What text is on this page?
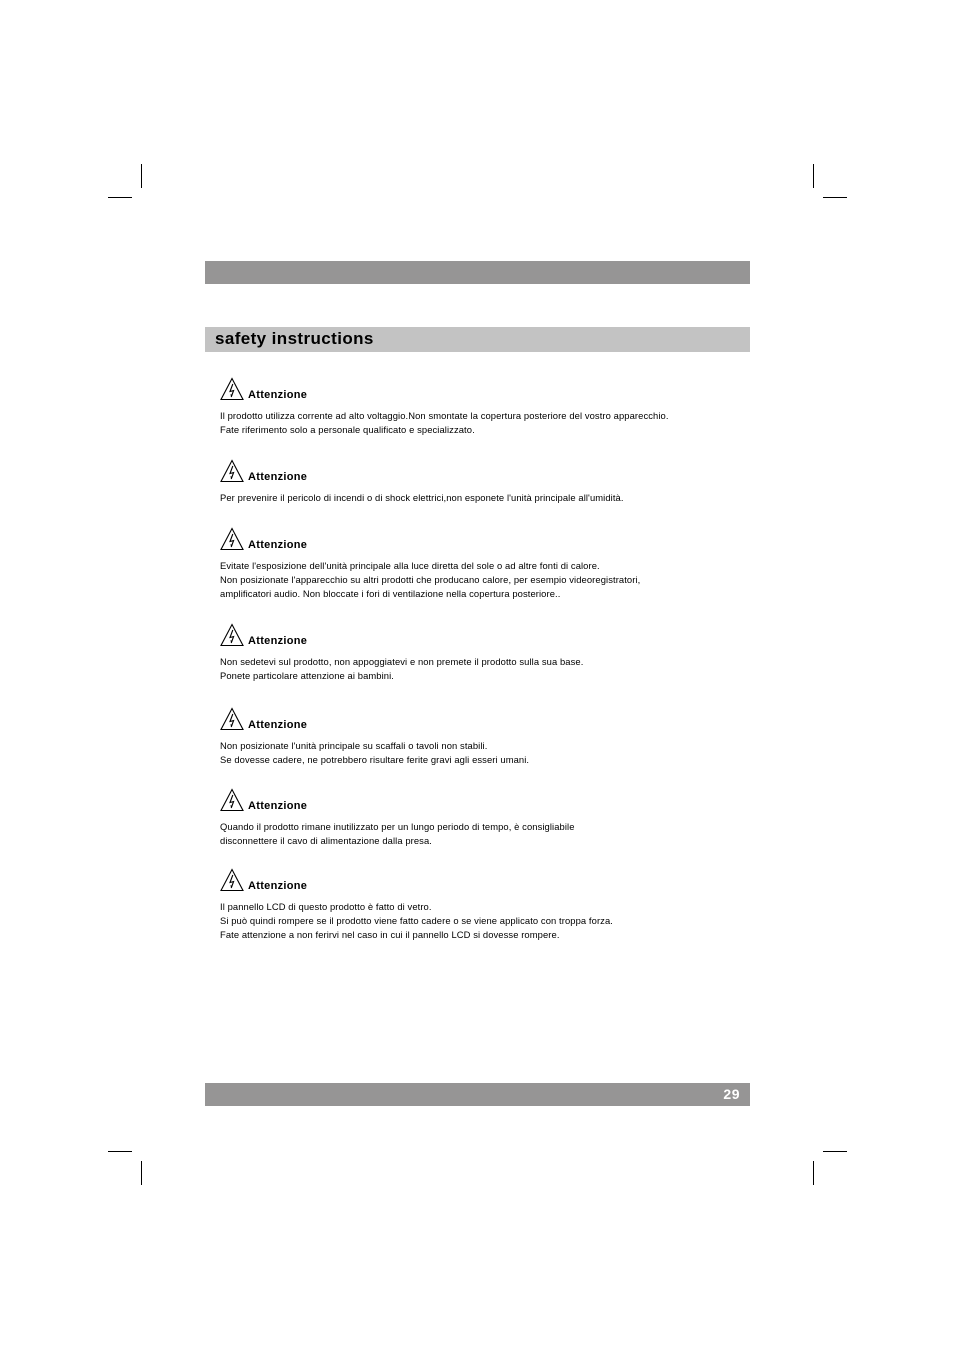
safety instructions
Attenzione
Il prodotto utilizza corrente ad alto voltaggio.Non smontate la copertura posteriore del vostro apparecchio.
Fate riferimento solo a personale qualificato e specializzato.
Attenzione
Per prevenire il pericolo di incendi o di shock elettrici,non esponete l'unità principale all'umidità.
Attenzione
Evitate l'esposizione dell'unità principale alla luce diretta del sole o ad altre fonti di calore.
Non posizionate l'apparecchio su altri prodotti che producano calore, per esempio videoregistratori,
amplificatori audio. Non bloccate i fori di ventilazione nella copertura posteriore..
Attenzione
Non sedetevi sul prodotto, non appoggiatevi e non premete il prodotto sulla sua base.
Ponete particolare attenzione ai bambini.
Attenzione
Non posizionate l'unità principale su scaffali o tavoli non stabili.
Se dovesse cadere, ne potrebbero risultare ferite gravi agli esseri umani.
Attenzione
Quando il prodotto rimane inutilizzato per un lungo periodo di tempo, è consigliabile
disconnettere il cavo di alimentazione dalla presa.
Attenzione
Il pannello LCD di questo prodotto è fatto di vetro.
Si può quindi rompere se il prodotto viene fatto cadere o se viene applicato con troppa forza.
Fate attenzione a non ferirvi nel caso in cui il pannello LCD si dovesse rompere.
29
